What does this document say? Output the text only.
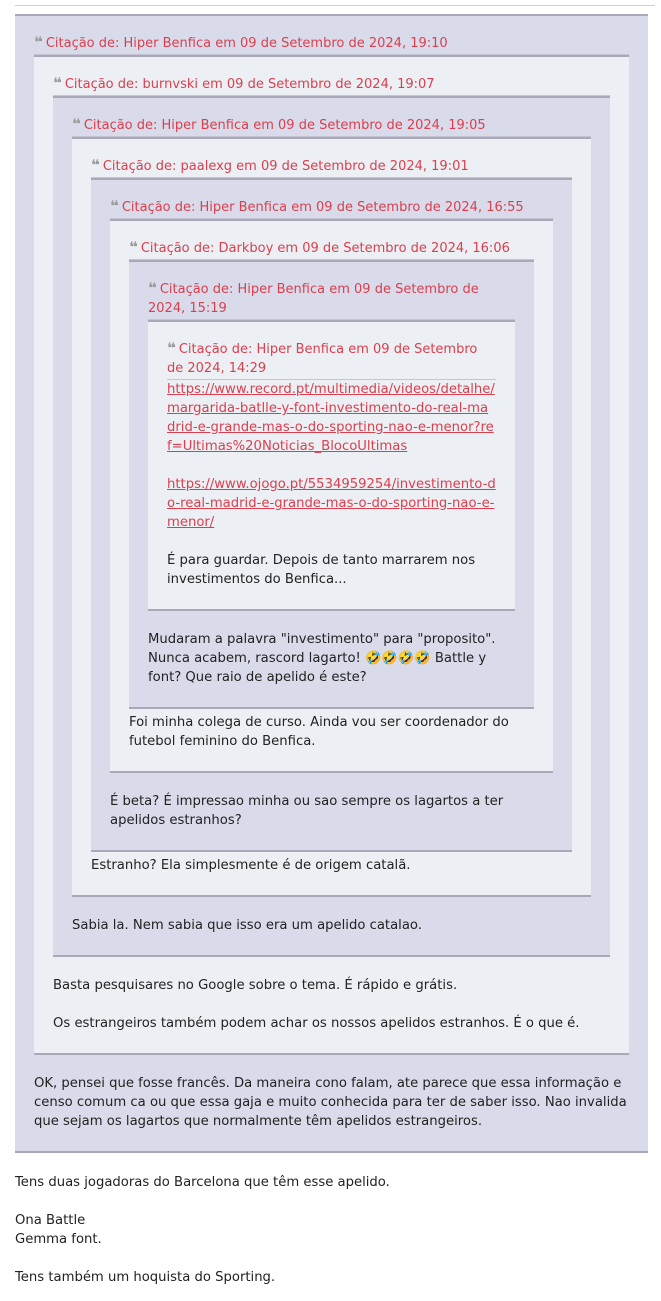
❝ Citação de: Hiper Benfica em 09 de Setembro de 2024, 19:10
❝ Citação de: burnvski em 09 de Setembro de 2024, 19:07
❝ Citação de: Hiper Benfica em 09 de Setembro de 2024, 19:05
❝ Citação de: paalexg em 09 de Setembro de 2024, 19:01
❝ Citação de: Hiper Benfica em 09 de Setembro de 2024, 16:55
❝ Citação de: Darkboy em 09 de Setembro de 2024, 16:06
❝ Citação de: Hiper Benfica em 09 de Setembro de 2024, 15:19
❝ Citação de: Hiper Benfica em 09 de Setembro de 2024, 14:29

https://www.record.pt/multimedia/videos/detalhe/margarida-batlle-y-font-investimento-do-real-madrid-e-grande-mas-o-do-sporting-nao-e-menor?ref=Ultimas%20Noticias_BlocoUltimas

https://www.ojogo.pt/5534959254/investimento-do-real-madrid-e-grande-mas-o-do-sporting-nao-e-menor/

É para guardar. Depois de tanto marrarem nos investimentos do Benfica...

Mudaram a palavra "investimento" para "proposito". Nunca acabem, rascord lagarto! 🤣🤣🤣🤣 Battle y font? Que raio de apelido é este?

Foi minha colega de curso. Ainda vou ser coordenador do futebol feminino do Benfica.

É beta? É impressao minha ou sao sempre os lagartos a ter apelidos estranhos?

Estranho? Ela simplesmente é de origem catalã.

Sabia la. Nem sabia que isso era um apelido catalao.

Basta pesquisares no Google sobre o tema. É rápido e grátis.

Os estrangeiros também podem achar os nossos apelidos estranhos. É o que é.

OK, pensei que fosse francês. Da maneira cono falam, ate parece que essa informação e censo comum ca ou que essa gaja e muito conhecida para ter de saber isso. Nao invalida que sejam os lagartos que normalmente têm apelidos estrangeiros.

Tens duas jogadoras do Barcelona que têm esse apelido.

Ona Battle

Gemma font.

Tens também um hoquista do Sporting.
